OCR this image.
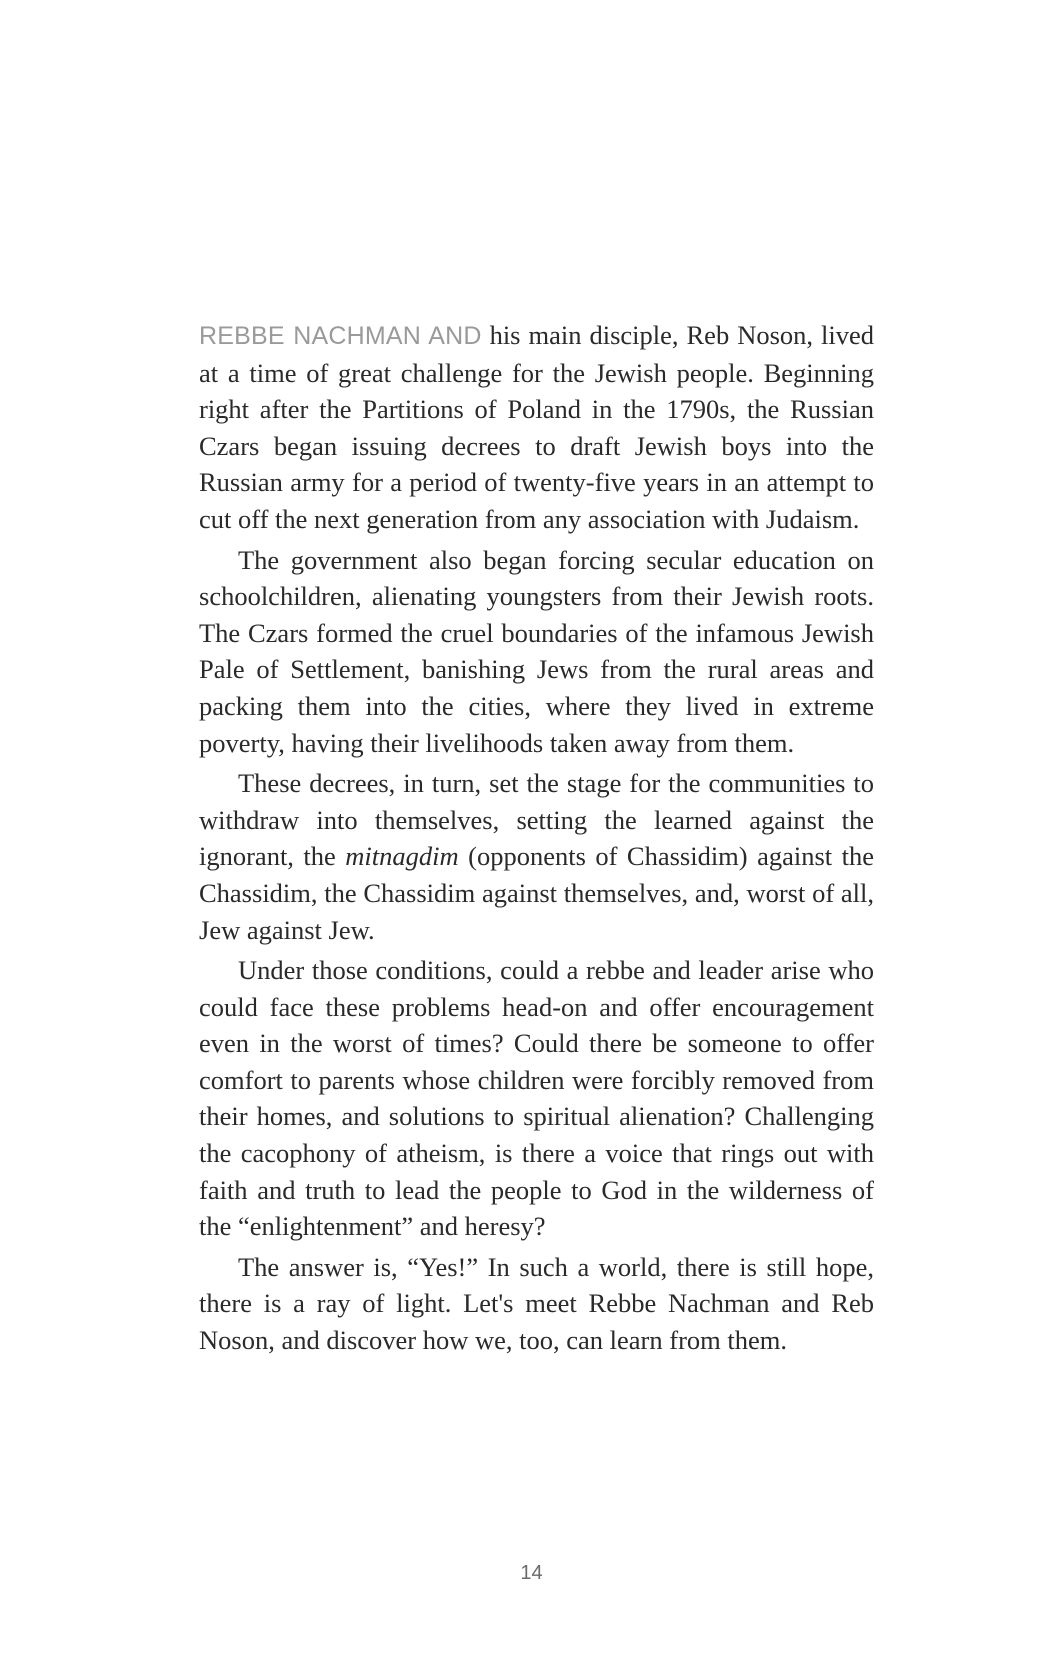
REBBE NACHMAN AND his main disciple, Reb Noson, lived at a time of great challenge for the Jewish people. Beginning right after the Partitions of Poland in the 1790s, the Russian Czars began issuing decrees to draft Jewish boys into the Russian army for a period of twenty-five years in an attempt to cut off the next generation from any association with Judaism.

The government also began forcing secular education on schoolchildren, alienating youngsters from their Jewish roots. The Czars formed the cruel boundaries of the infamous Jewish Pale of Settlement, banishing Jews from the rural areas and packing them into the cities, where they lived in extreme poverty, having their livelihoods taken away from them.

These decrees, in turn, set the stage for the communities to withdraw into themselves, setting the learned against the ignorant, the mitnagdim (opponents of Chassidim) against the Chassidim, the Chassidim against themselves, and, worst of all, Jew against Jew.

Under those conditions, could a rebbe and leader arise who could face these problems head-on and offer encouragement even in the worst of times? Could there be someone to offer comfort to parents whose children were forcibly removed from their homes, and solutions to spiritual alienation? Challenging the cacophony of atheism, is there a voice that rings out with faith and truth to lead the people to God in the wilderness of the “enlightenment” and heresy?

The answer is, “Yes!” In such a world, there is still hope, there is a ray of light. Let's meet Rebbe Nachman and Reb Noson, and discover how we, too, can learn from them.

14
